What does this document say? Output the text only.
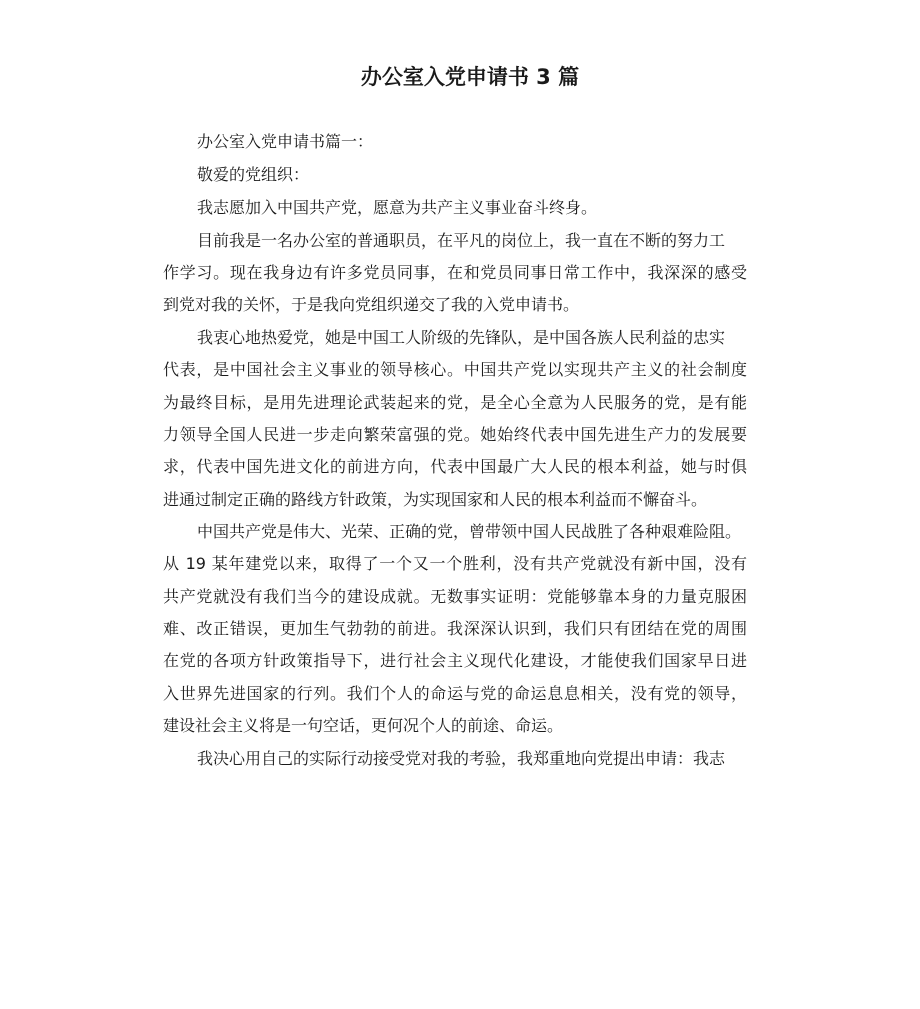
办公室入党申请书 3 篇
办公室入党申请书篇一：
敬爱的党组织：
我志愿加入中国共产党，愿意为共产主义事业奋斗终身。
目前我是一名办公室的普通职员，在平凡的岗位上，我一直在不断的努力工
作学习。现在我身边有许多党员同事，在和党员同事日常工作中，我深深的感受
到党对我的关怀，于是我向党组织递交了我的入党申请书。
我衷心地热爱党，她是中国工人阶级的先锋队，是中国各族人民利益的忠实
代表，是中国社会主义事业的领导核心。中国共产党以实现共产主义的社会制度
为最终目标，是用先进理论武装起来的党，是全心全意为人民服务的党，是有能
力领导全国人民进一步走向繁荣富强的党。她始终代表中国先进生产力的发展要
求，代表中国先进文化的前进方向，代表中国最广大人民的根本利益，她与时俱
进通过制定正确的路线方针政策，为实现国家和人民的根本利益而不懈奋斗。
中国共产党是伟大、光荣、正确的党，曾带领中国人民战胜了各种艰难险阻。
从 19 某年建党以来，取得了一个又一个胜利，没有共产党就没有新中国，没有
共产党就没有我们当今的建设成就。无数事实证明：党能够靠本身的力量克服困
难、改正错误，更加生气勃勃的前进。我深深认识到，我们只有团结在党的周围
在党的各项方针政策指导下，进行社会主义现代化建设，才能使我们国家早日进
入世界先进国家的行列。我们个人的命运与党的命运息息相关，没有党的领导，
建设社会主义将是一句空话，更何况个人的前途、命运。
我决心用自己的实际行动接受党对我的考验，我郑重地向党提出申请：我志
